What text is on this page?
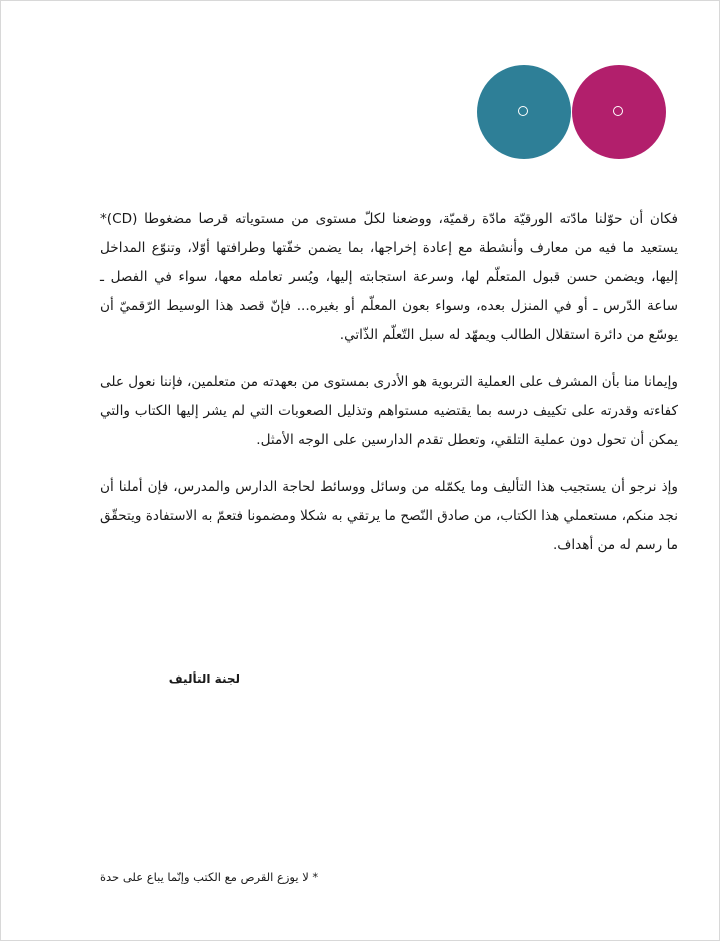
فكان أن حوّلنا مادّته الورقيّة مادّة رقميّة، ووضعنا لكلّ مستوى من مستوياته قرصا مضغوطا (CD)* يستعيد ما فيه من معارف وأنشطة مع إعادة إخراجها، بما يضمن خفّتها وطرافتها أوّلا، وتنوّع المداخل إليها، ويضمن حسن قبول المتعلّم لها، وسرعة استجابته إليها، ويُسر تعامله معها، سواء في الفصل ـ ساعة الدّرس ـ أو في المنزل بعده، وسواء بعون المعلّم أو بغيره... فإنّ قصد هذا الوسيط الرّقميّ أن يوسّع من دائرة استقلال الطالب ويمهّد له سبل التّعلّم الذّاتي.

وإيمانا منا بأن المشرف على العملية التربوية هو الأدرى بمستوى من بعهدته من متعلمين، فإننا نعول على كفاءته وقدرته على تكييف درسه بما يقتضيه مستواهم وتذليل الصعوبات التي لم يشر إليها الكتاب والتي يمكن أن تحول دون عملية التلقي، وتعطل تقدم الدارسين على الوجه الأمثل.

وإذ نرجو أن يستجيب هذا التأليف وما يكمّله من وسائل ووسائط لحاجة الدارس والمدرس، فإن أملنا أن نجد منكم، مستعملي هذا الكتاب، من صادق النّصح ما يرتقي به شكلا ومضمونا فتعمّ به الاستفادة ويتحقّق ما رسم له من أهداف.

لجنة التأليف
* لا يوزع القرص مع الكتب وإنّما يباع على حدة
